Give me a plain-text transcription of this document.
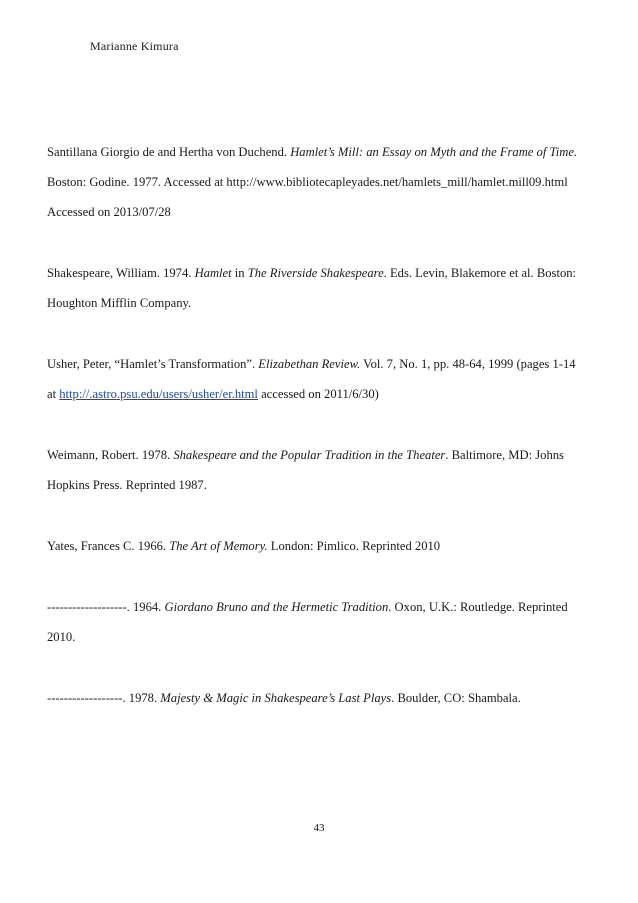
Marianne Kimura
Santillana Giorgio de and Hertha von Duchend. Hamlet’s Mill: an Essay on Myth and the Frame of Time.
Boston: Godine. 1977. Accessed at http://www.bibliotecapleyades.net/hamlets_mill/hamlet.mill09.html
Accessed on 2013/07/28
Shakespeare, William. 1974. Hamlet in The Riverside Shakespeare. Eds. Levin, Blakemore et al. Boston:
Houghton Mifflin Company.
Usher, Peter, “Hamlet’s Transformation”. Elizabethan Review. Vol. 7, No. 1, pp. 48-64, 1999 (pages 1-14
at http://.astro.psu.edu/users/usher/er.html accessed on 2011/6/30)
Weimann, Robert. 1978. Shakespeare and the Popular Tradition in the Theater. Baltimore, MD: Johns
Hopkins Press. Reprinted 1987.
Yates, Frances C. 1966. The Art of Memory. London: Pimlico. Reprinted 2010
-------------------. 1964. Giordano Bruno and the Hermetic Tradition. Oxon, U.K.: Routledge. Reprinted
2010.
------------------. 1978. Majesty & Magic in Shakespeare’s Last Plays. Boulder, CO: Shambala.
43
